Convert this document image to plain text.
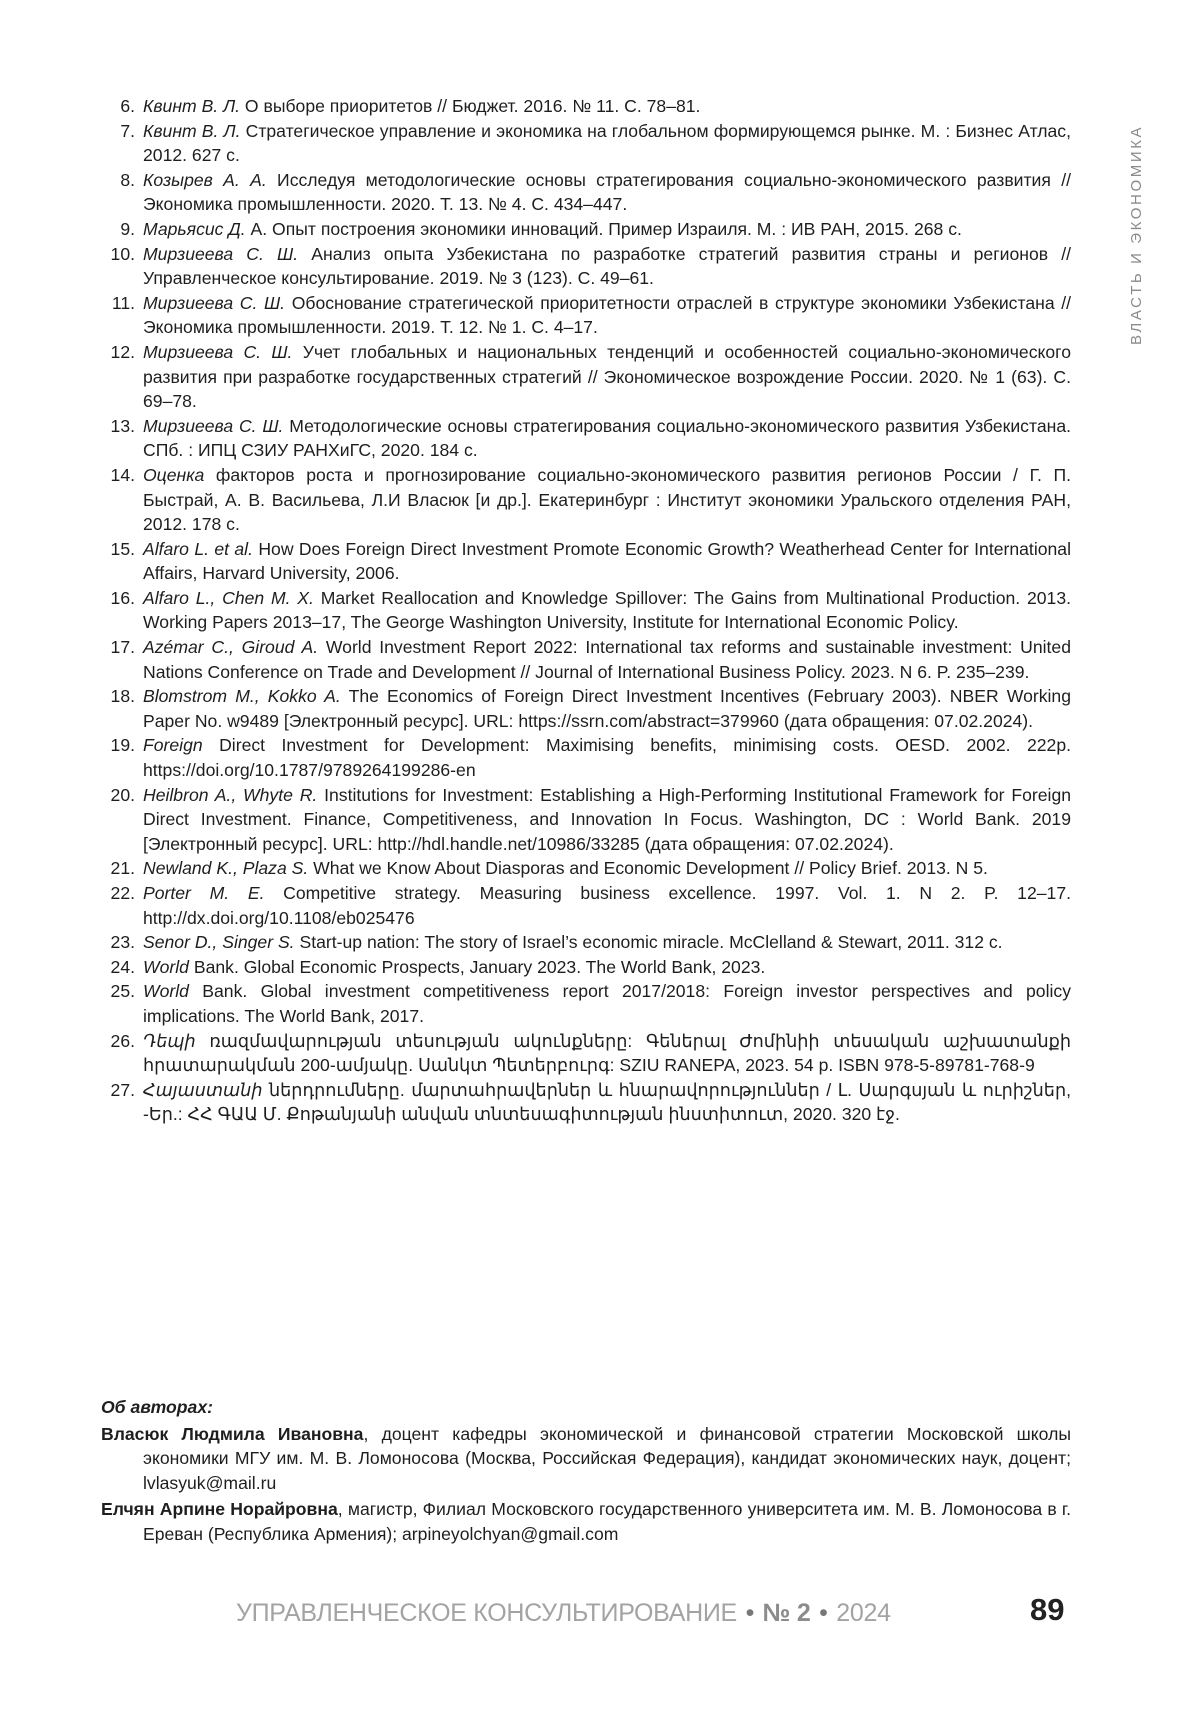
ВЛАСТЬ И ЭКОНОМИКА
6. Квинт В. Л. О выборе приоритетов // Бюджет. 2016. № 11. С. 78–81.
7. Квинт В. Л. Стратегическое управление и экономика на глобальном формирующемся рынке. М. : Бизнес Атлас, 2012. 627 с.
8. Козырев А. А. Исследуя методологические основы стратегирования социально-экономического развития // Экономика промышленности. 2020. Т. 13. № 4. С. 434–447.
9. Марьясис Д. А. Опыт построения экономики инноваций. Пример Израиля. М. : ИВ РАН, 2015. 268 с.
10. Мирзиеева С. Ш. Анализ опыта Узбекистана по разработке стратегий развития страны и регионов // Управленческое консультирование. 2019. № 3 (123). С. 49–61.
11. Мирзиеева С. Ш. Обоснование стратегической приоритетности отраслей в структуре экономики Узбекистана // Экономика промышленности. 2019. Т. 12. № 1. С. 4–17.
12. Мирзиеева С. Ш. Учет глобальных и национальных тенденций и особенностей социально-экономического развития при разработке государственных стратегий // Экономическое возрождение России. 2020. № 1 (63). С. 69–78.
13. Мирзиеева С. Ш. Методологические основы стратегирования социально-экономического развития Узбекистана. СПб. : ИПЦ СЗИУ РАНХиГС, 2020. 184 с.
14. Оценка факторов роста и прогнозирование социально-экономического развития регионов России / Г. П. Быстрай, А. В. Васильева, Л.И Власюк [и др.]. Екатеринбург : Институт экономики Уральского отделения РАН, 2012. 178 с.
15. Alfaro L. et al. How Does Foreign Direct Investment Promote Economic Growth? Weatherhead Center for International Affairs, Harvard University, 2006.
16. Alfaro L., Chen M. X. Market Reallocation and Knowledge Spillover: The Gains from Multinational Production. 2013. Working Papers 2013–17, The George Washington University, Institute for International Economic Policy.
17. Azémar C., Giroud A. World Investment Report 2022: International tax reforms and sustainable investment: United Nations Conference on Trade and Development // Journal of International Business Policy. 2023. N 6. P. 235–239.
18. Blomstrom M., Kokko A. The Economics of Foreign Direct Investment Incentives (February 2003). NBER Working Paper No. w9489 [Электронный ресурс]. URL: https://ssrn.com/abstract=379960 (дата обращения: 07.02.2024).
19. Foreign Direct Investment for Development: Maximising benefits, minimising costs. OESD. 2002. 222p. https://doi.org/10.1787/9789264199286-en
20. Heilbron A., Whyte R. Institutions for Investment: Establishing a High-Performing Institutional Framework for Foreign Direct Investment. Finance, Competitiveness, and Innovation In Focus. Washington, DC : World Bank. 2019 [Электронный ресурс]. URL: http://hdl.handle.net/10986/33285 (дата обращения: 07.02.2024).
21. Newland K., Plaza S. What we Know About Diasporas and Economic Development // Policy Brief. 2013. N 5.
22. Porter M. E. Competitive strategy. Measuring business excellence. 1997. Vol. 1. N 2. P. 12–17. http://dx.doi.org/10.1108/eb025476
23. Senor D., Singer S. Start-up nation: The story of Israel’s economic miracle. McClelland & Stewart, 2011. 312 с.
24. World Bank. Global Economic Prospects, January 2023. The World Bank, 2023.
25. World Bank. Global investment competitiveness report 2017/2018: Foreign investor perspectives and policy implications. The World Bank, 2017.
26. Դեպի ռազմավարության տեսության ակունքները: Գեներալ Ժոմինիի տեսական աշխատանքի հրատարակման 200-ամյակը. Սանկտ Պետերբուրգ: SZIU RANEPA, 2023. 54 p. ISBN 978-5-89781-768-9
27. Հայաստանի ներդրումները. մարտահրավերներ և հնարավորություններ / Լ. Սարգսյան և ուրիշներ, -Եր.: ՀՀ ԳԱԱ Մ. Քոթանյանի անվան տնտեսագիտության ինստիտուտ, 2020. 320 էջ.
Об авторах:
Власюк Людмила Ивановна, доцент кафедры экономической и финансовой стратегии Московской школы экономики МГУ им. М. В. Ломоносова (Москва, Российская Федерация), кандидат экономических наук, доцент; lvlasyuk@mail.ru
Елчян Арпине Норайровна, магистр, Филиал Московского государственного университета им. М. В. Ломоносова в г. Ереван (Республика Армения); arpineyolchyan@gmail.com
УПРАВЛЕНЧЕСКОЕ КОНСУЛЬТИРОВАНИЕ • № 2 • 2024	89
